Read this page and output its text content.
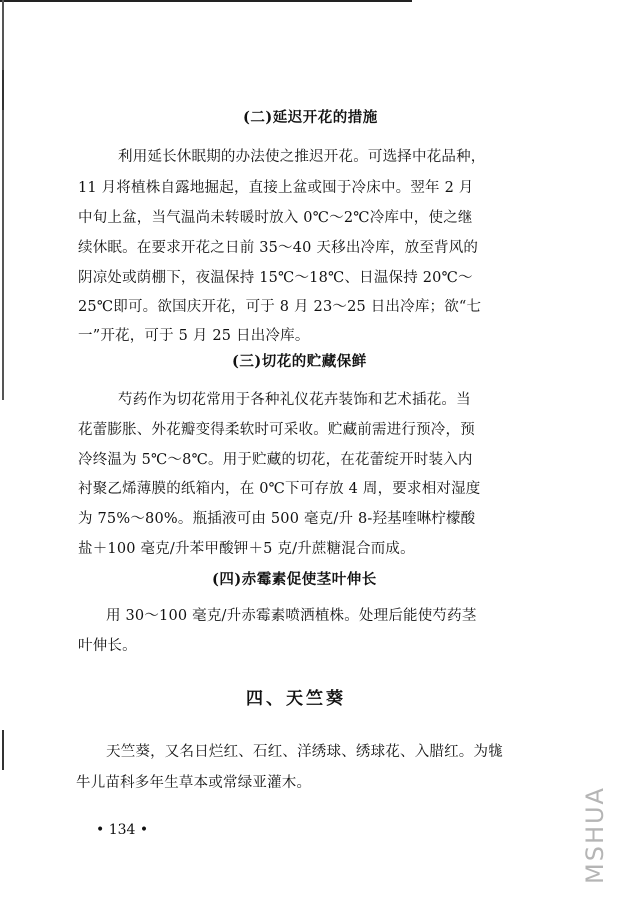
(二)延迟开花的措施
利用延长休眠期的办法使之推迟开花。可选择中花品种，
11 月将植株自露地掘起，直接上盆或囤于冷床中。翌年 2 月
中旬上盆，当气温尚未转暖时放入 0℃～2℃冷库中，使之继
续休眠。在要求开花之日前 35～40 天移出冷库，放至背风的
阴凉处或荫棚下，夜温保持 15℃～18℃、日温保持 20℃～
25℃即可。欲国庆开花，可于 8 月 23～25 日出冷库；欲“七
一”开花，可于 5 月 25 日出冷库。
(三)切花的贮藏保鲜
芍药作为切花常用于各种礼仪花卉装饰和艺术插花。当
花蕾膨胀、外花瓣变得柔软时可采收。贮藏前需进行预冷，预
冷终温为 5℃～8℃。用于贮藏的切花，在花蕾绽开时装入内
衬聚乙烯薄膜的纸箱内，在 0℃下可存放 4 周，要求相对湿度
为 75%～80%。瓶插液可由 500 毫克/升 8-羟基喹啉柠檬酸
盐＋100 毫克/升苯甲酸钾＋5 克/升蔗糖混合而成。
(四)赤霉素促使茎叶伸长
用 30～100 毫克/升赤霉素喷洒植株。处理后能使芍药茎
叶伸长。
四、天竺葵
天竺葵，又名日烂红、石红、洋绣球、绣球花、入腊红。为牻
牛儿苗科多年生草本或常绿亚灌木。
• 134 •	MSHUA
